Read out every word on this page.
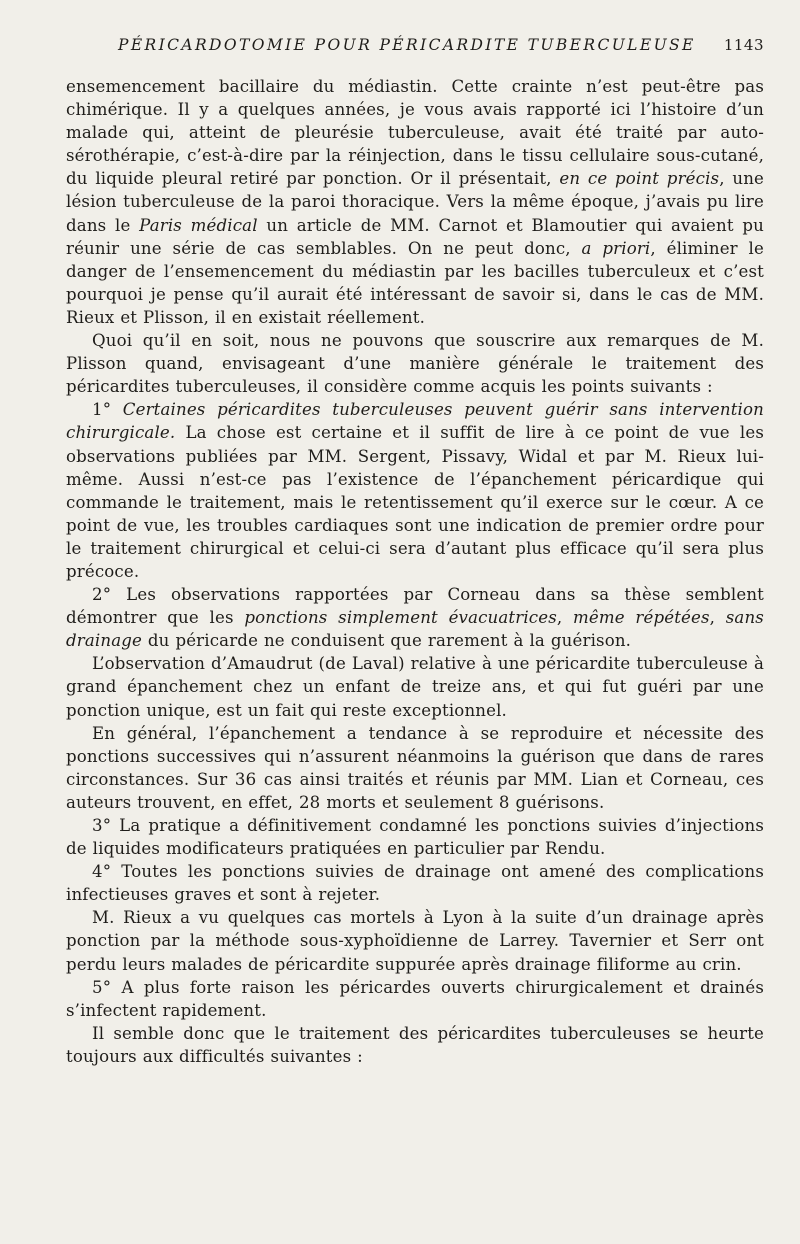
PÉRICARDOTOMIE POUR PÉRICARDITE TUBERCULEUSE 1143

ensemencement bacillaire du médiastin. Cette crainte n’est peut-être pas chimérique. Il y a quelques années, je vous avais rapporté ici l’histoire d’un malade qui, atteint de pleurésie tuberculeuse, avait été traité par auto-sérothérapie, c’est-à-dire par la réinjection, dans le tissu cellulaire sous-cutané, du liquide pleural retiré par ponction. Or il présentait, en ce point précis, une lésion tuberculeuse de la paroi thoracique. Vers la même époque, j’avais pu lire dans le Paris médical un article de MM. Carnot et Blamoutier qui avaient pu réunir une série de cas semblables. On ne peut donc, a priori, éliminer le danger de l’ensemencement du médiastin par les bacilles tuberculeux et c’est pourquoi je pense qu’il aurait été intéressant de savoir si, dans le cas de MM. Rieux et Plisson, il en existait réellement.

Quoi qu’il en soit, nous ne pouvons que souscrire aux remarques de M. Plisson quand, envisageant d’une manière générale le traitement des péricardites tuberculeuses, il considère comme acquis les points suivants :

1° Certaines péricardites tuberculeuses peuvent guérir sans intervention chirurgicale. La chose est certaine et il suffit de lire à ce point de vue les observations publiées par MM. Sergent, Pissavy, Widal et par M. Rieux lui-même. Aussi n’est-ce pas l’existence de l’épanchement péricardique qui commande le traitement, mais le retentissement qu’il exerce sur le cœur. A ce point de vue, les troubles cardiaques sont une indication de premier ordre pour le traitement chirurgical et celui-ci sera d’autant plus efficace qu’il sera plus précoce.

2° Les observations rapportées par Corneau dans sa thèse semblent démontrer que les ponctions simplement évacuatrices, même répétées, sans drainage du péricarde ne conduisent que rarement à la guérison.

L’observation d’Amaudrut (de Laval) relative à une péricardite tuberculeuse à grand épanchement chez un enfant de treize ans, et qui fut guéri par une ponction unique, est un fait qui reste exceptionnel.

En général, l’épanchement a tendance à se reproduire et nécessite des ponctions successives qui n’assurent néanmoins la guérison que dans de rares circonstances. Sur 36 cas ainsi traités et réunis par MM. Lian et Corneau, ces auteurs trouvent, en effet, 28 morts et seulement 8 guérisons.

3° La pratique a définitivement condamné les ponctions suivies d’injections de liquides modificateurs pratiquées en particulier par Rendu.

4° Toutes les ponctions suivies de drainage ont amené des complications infectieuses graves et sont à rejeter.

M. Rieux a vu quelques cas mortels à Lyon à la suite d’un drainage après ponction par la méthode sous-xyphoïdienne de Larrey. Tavernier et Serr ont perdu leurs malades de péricardite suppurée après drainage filiforme au crin.

5° A plus forte raison les péricardes ouverts chirurgicalement et drainés s’infectent rapidement.

Il semble donc que le traitement des péricardites tuberculeuses se heurte toujours aux difficultés suivantes :
